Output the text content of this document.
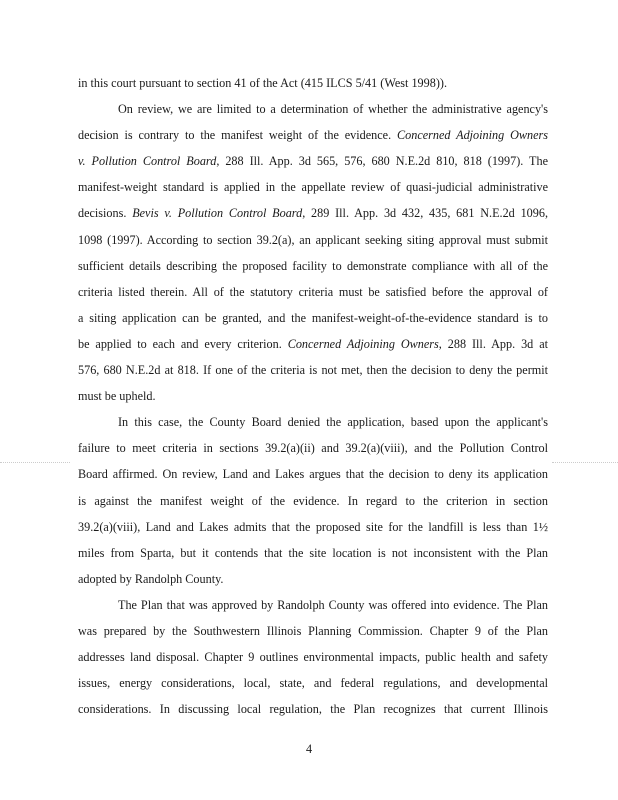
in this court pursuant to section 41 of the Act (415 ILCS 5/41 (West 1998)).
On review, we are limited to a determination of whether the administrative agency's
decision is contrary to the manifest weight of the evidence. Concerned Adjoining Owners
v. Pollution Control Board, 288 Ill. App. 3d 565, 576, 680 N.E.2d 810, 818 (1997). The
manifest-weight standard is applied in the appellate review of quasi-judicial administrative
decisions. Bevis v. Pollution Control Board, 289 Ill. App. 3d 432, 435, 681 N.E.2d 1096,
1098 (1997). According to section 39.2(a), an applicant seeking siting approval must submit
sufficient details describing the proposed facility to demonstrate compliance with all of the
criteria listed therein. All of the statutory criteria must be satisfied before the approval of
a siting application can be granted, and the manifest-weight-of-the-evidence standard is to
be applied to each and every criterion. Concerned Adjoining Owners, 288 Ill. App. 3d at
576, 680 N.E.2d at 818. If one of the criteria is not met, then the decision to deny the permit
must be upheld.
In this case, the County Board denied the application, based upon the applicant's
failure to meet criteria in sections 39.2(a)(ii) and 39.2(a)(viii), and the Pollution Control
Board affirmed. On review, Land and Lakes argues that the decision to deny its application
is against the manifest weight of the evidence. In regard to the criterion in section
39.2(a)(viii), Land and Lakes admits that the proposed site for the landfill is less than 1½
miles from Sparta, but it contends that the site location is not inconsistent with the Plan
adopted by Randolph County.
The Plan that was approved by Randolph County was offered into evidence. The Plan
was prepared by the Southwestern Illinois Planning Commission. Chapter 9 of the Plan
addresses land disposal. Chapter 9 outlines environmental impacts, public health and safety
issues, energy considerations, local, state, and federal regulations, and developmental
considerations. In discussing local regulation, the Plan recognizes that current Illinois
4
